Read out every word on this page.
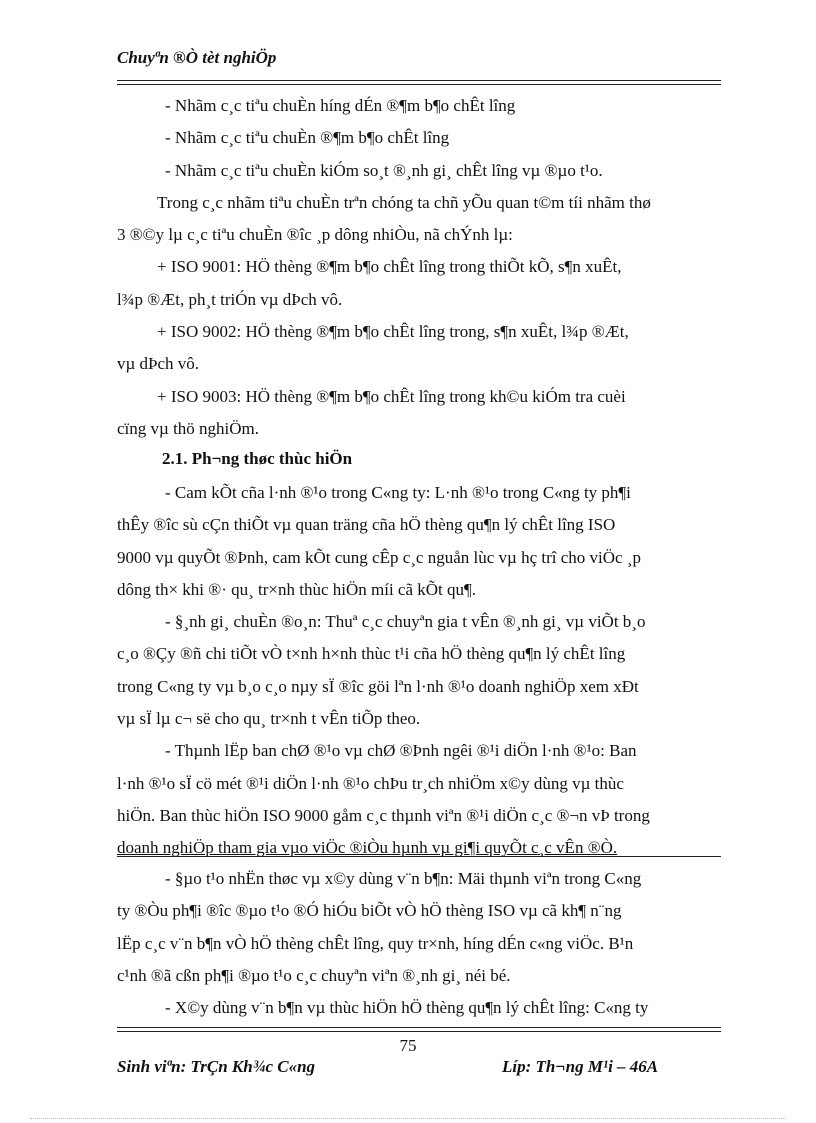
Chuyªn ®Ò tèt nghiÖp
- Nhãm c¸c tiªu chuÈn híng dÉn ®¶m b¶o chÊt lîng
- Nhãm c¸c tiªu chuÈn ®¶m b¶o chÊt lîng
- Nhãm c¸c tiªu chuÈn kiÓm so¸t ®¸nh gi¸ chÊt lîng vµ ®µo t¹o.
Trong c¸c nhãm tiªu chuÈn trªn chóng ta chñ yÕu quan t©m tíi nhãm thø
3 ®©y lµ c¸c tiªu chuÈn ®îc ¸p dông nhiÒu, nã chÝnh lµ:
+ ISO 9001: HÖ thèng ®¶m b¶o chÊt lîng trong thiÕt kÕ, s¶n xuÊt,
l¾p ®Æt, ph¸t triÓn vµ dÞch vô.
+ ISO 9002: HÖ thèng ®¶m b¶o chÊt lîng trong, s¶n xuÊt, l¾p ®Æt,
vµ dÞch vô.
+ ISO 9003: HÖ thèng ®¶m b¶o chÊt lîng trong kh©u kiÓm tra cuèi
cïng vµ thö nghiÖm.
2.1. Ph¬ng thøc thùc hiÖn
- Cam kÕt cña l·nh ®¹o trong C«ng ty: L·nh ®¹o trong C«ng ty ph¶i
thÊy ®îc sù cÇn thiÕt vµ quan träng cña hÖ thèng qu¶n lý chÊt lîng ISO
9000 vµ quyÕt ®Þnh, cam kÕt cung cÊp c¸c nguån lùc vµ hç trî cho viÖc ¸p
dông th× khi ®· qu¸ tr×nh thùc hiÖn míi cã kÕt qu¶.
- §¸nh gi¸ chuÈn ®o¸n: Thuª c¸c chuyªn gia t vÊn ®¸nh gi¸ vµ viÕt b¸o
c¸o ®Çy ®ñ chi tiÕt vÒ t×nh h×nh thùc t¹i cña hÖ thèng qu¶n lý chÊt lîng
trong C«ng ty vµ b¸o c¸o nµy sÏ ®îc göi lªn l·nh ®¹o doanh nghiÖp xem xÐt
vµ sÏ lµ c¬ së cho qu¸ tr×nh t vÊn tiÕp theo.
- Thµnh lËp ban chØ ®¹o vµ chØ ®Þnh ngêi ®¹i diÖn l·nh ®¹o: Ban
l·nh ®¹o sÏ cö mét ®¹i diÖn l·nh ®¹o chÞu tr¸ch nhiÖm x©y dùng vµ thùc
hiÖn. Ban thùc hiÖn ISO 9000 gåm c¸c thµnh viªn ®¹i diÖn c¸c ®¬n vÞ trong
doanh nghiÖp tham gia vµo viÖc ®iÒu hµnh vµ gi¶i quyÕt c¸c vÊn ®Ò.
- §µo t¹o nhËn thøc vµ x©y dùng v¨n b¶n: Mäi thµnh viªn trong C«ng
ty ®Òu ph¶i ®îc ®µo t¹o ®Ó hiÓu biÕt vÒ hÖ thèng ISO vµ cã kh¶ n¨ng
lËp c¸c v¨n b¶n vÒ hÖ thèng chÊt lîng, quy tr×nh, híng dÉn c«ng viÖc. B¹n
c¹nh ®ã cßn ph¶i ®µo t¹o c¸c chuyªn viªn ®¸nh gi¸ néi bé.
- X©y dùng v¨n b¶n vµ thùc hiÖn hÖ thèng qu¶n lý chÊt lîng: C«ng ty
75
Sinh viªn: TrÇn Kh¾c C«ng	Líp: Th¬ng M¹i – 46A
